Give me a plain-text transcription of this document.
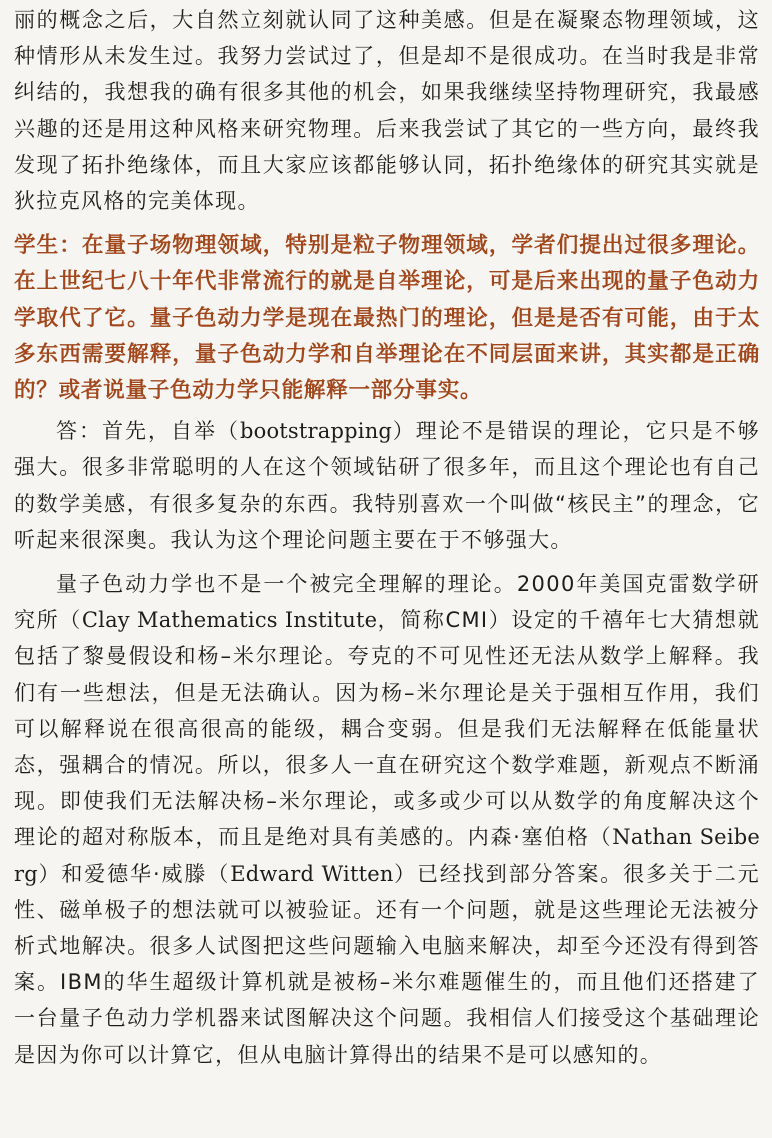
丽的概念之后，大自然立刻就认同了这种美感。但是在凝聚态物理领域，这种情形从未发生过。我努力尝试过了，但是却不是很成功。在当时我是非常纠结的，我想我的确有很多其他的机会，如果我继续坚持物理研究，我最感兴趣的还是用这种风格来研究物理。后来我尝试了其它的一些方向，最终我发现了拓扑绝缘体，而且大家应该都能够认同，拓扑绝缘体的研究其实就是狄拉克风格的完美体现。

学生：在量子场物理领域，特别是粒子物理领域，学者们提出过很多理论。在上世纪七八十年代非常流行的就是自举理论，可是后来出现的量子色动力学取代了它。量子色动力学是现在最热门的理论，但是是否有可能，由于太多东西需要解释，量子色动力学和自举理论在不同层面来讲，其实都是正确的？或者说量子色动力学只能解释一部分事实。

答：首先，自举（bootstrapping）理论不是错误的理论，它只是不够强大。很多非常聪明的人在这个领域钻研了很多年，而且这个理论也有自己的数学美感，有很多复杂的东西。我特别喜欢一个叫做“核民主”的理念，它听起来很深奥。我认为这个理论问题主要在于不够强大。

量子色动力学也不是一个被完全理解的理论。2000年美国克雷数学研究所（Clay Mathematics Institute，简称CMI）设定的千禧年七大猜想就包括了黎曼假设和杨–米尔理论。夸克的不可见性还无法从数学上解释。我们有一些想法，但是无法确认。因为杨–米尔理论是关于强相互作用，我们可以解释说在很高很高的能级，耦合变弱。但是我们无法解释在低能量状态，强耦合的情况。所以，很多人一直在研究这个数学难题，新观点不断涌现。即使我们无法解决杨–米尔理论，或多或少可以从数学的角度解决这个理论的超对称版本，而且是绝对具有美感的。内森·塞伯格（Nathan Seiberg）和爱德华·威滕（Edward Witten）已经找到部分答案。很多关于二元性、磁单极子的想法就可以被验证。还有一个问题，就是这些理论无法被分析式地解决。很多人试图把这些问题输入电脑来解决，却至今还没有得到答案。IBM的华生超级计算机就是被杨–米尔难题催生的，而且他们还搭建了一台量子色动力学机器来试图解决这个问题。我相信人们接受这个基础理论是因为你可以计算它，但从电脑计算得出的结果不是可以感知的。
